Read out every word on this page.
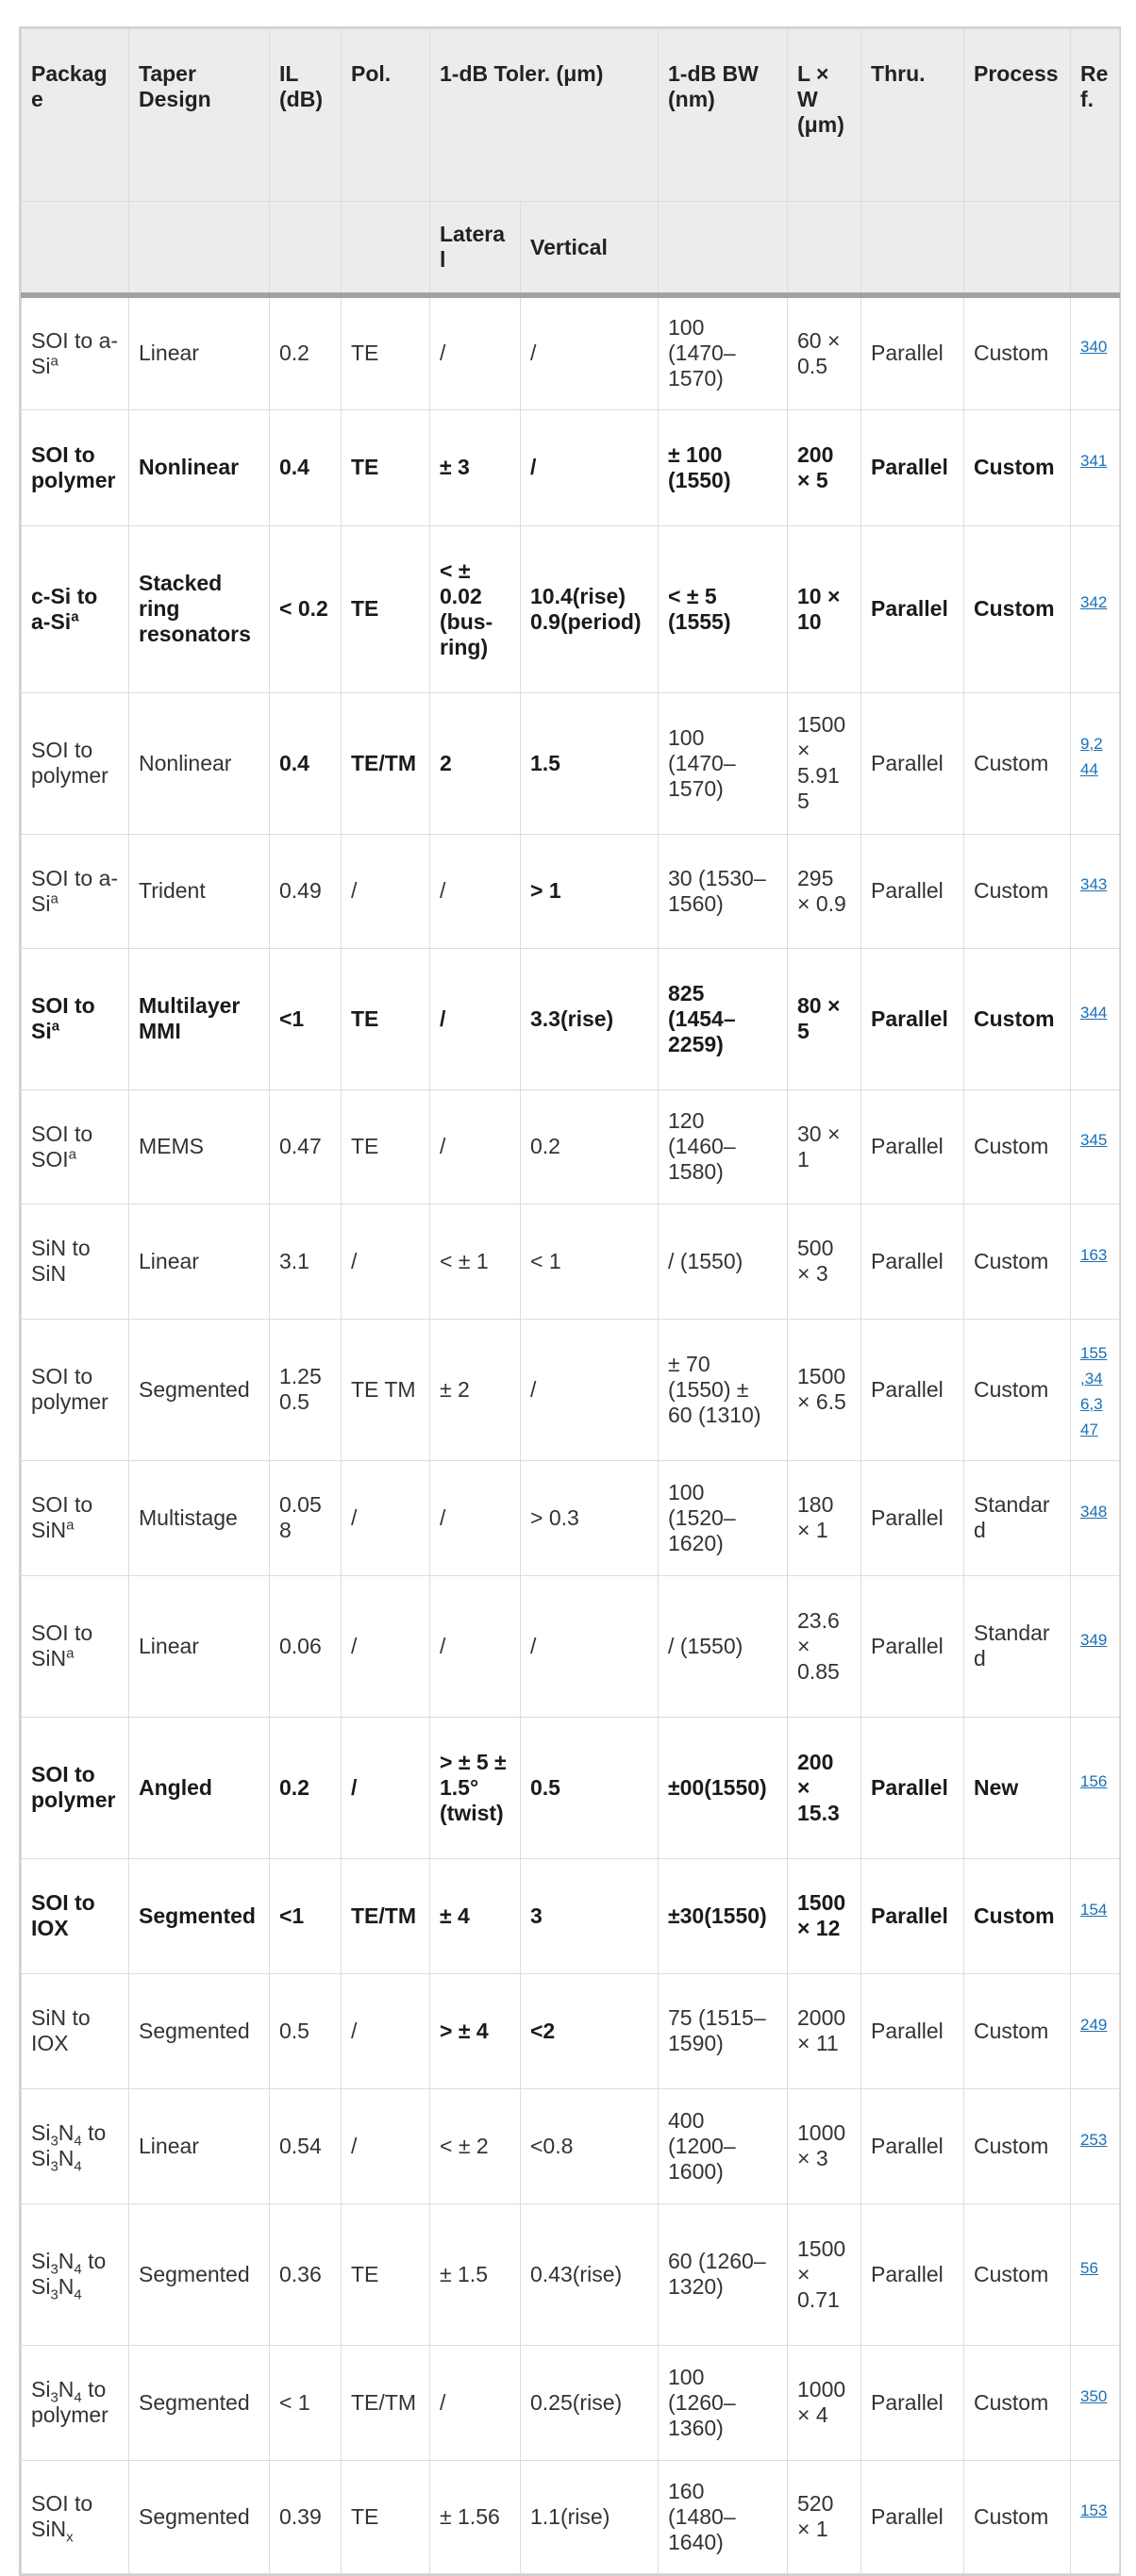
Package	Taper Design	IL (dB)	Pol.	1-dB Toler. (μm)		1-dB BW (nm)	L × W (μm)	Thru.	Process	Ref.
				Lateral	Vertical					
SOI to a-Si$^a$	Linear	0.2	TE	/	/	100 (1470–1570)	60 × 0.5	Parallel	Custom	340

SOI to polymer	Nonlinear	0.4	TE	± 3	/	± 100 (1550)	200 × 5	Parallel	Custom	341

c-Si to a-Si$^a$	Stacked ring resonators	< 0.2	TE	< ± 0.02 (bus-ring)	10.4(rise) 0.9(period)	< ± 5 (1555)	10 × 10	Parallel	Custom	342

SOI to polymer	Nonlinear	0.4	TE/TM	2	1.5	100 (1470–1570)	1500 × 5.915	Parallel	Custom	9,244

SOI to a-Si$^a$	Trident	0.49	/	/	> 1	30 (1530–1560)	295 × 0.9	Parallel	Custom	343

SOI to Si$^a$	Multilayer MMI	<1	TE	/	3.3(rise)	825 (1454–2259)	80 × 5	Parallel	Custom	344

SOI to SOI$^a$	MEMS	0.47	TE	/	0.2	120 (1460–1580)	30 × 1	Parallel	Custom	345

SiN to SiN	Linear	3.1	/	< ± 1	< 1	/ (1550)	500 × 3	Parallel	Custom	163

SOI to polymer	Segmented	1.25 0.5	TE TM	± 2	/	± 70 (1550) ± 60 (1310)	1500 × 6.5	Parallel	Custom	155,346,347

SOI to SiN$^a$	Multistage	0.058	/	/	> 0.3	100 (1520–1620)	180 × 1	Parallel	Standard	348

SOI to SiN$^a$	Linear	0.06	/	/	/	/ (1550)	23.6 × 0.85	Parallel	Standard	349

SOI to polymer	Angled	0.2	/	> ± 5 ± 1.5° (twist)	0.5	±00(1550)	200 × 15.3	Parallel	New	156

SOI to IOX	Segmented	<1	TE/TM	± 4	3	±30(1550)	1500 × 12	Parallel	Custom	154

SiN to IOX	Segmented	0.5	/	> ± 4	<2	75 (1515–1590)	2000 × 11	Parallel	Custom	249

$Si_3N_4$ to $Si_3N_4$	Linear	0.54	/	< ± 2	<0.8	400 (1200–1600)	1000 × 3	Parallel	Custom	253

$Si_3N_4$ to $Si_3N_4$	Segmented	0.36	TE	± 1.5	0.43(rise)	60 (1260–1320)	1500 × 0.71	Parallel	Custom	56

$Si_3N_4$ to polymer	Segmented	< 1	TE/TM	/	0.25(rise)	100 (1260–1360)	1000 × 4	Parallel	Custom	350

SOI to SiN$_x$	Segmented	0.39	TE	± 1.56	1.1(rise)	160 (1480–1640)	520 × 1	Parallel	Custom	153
